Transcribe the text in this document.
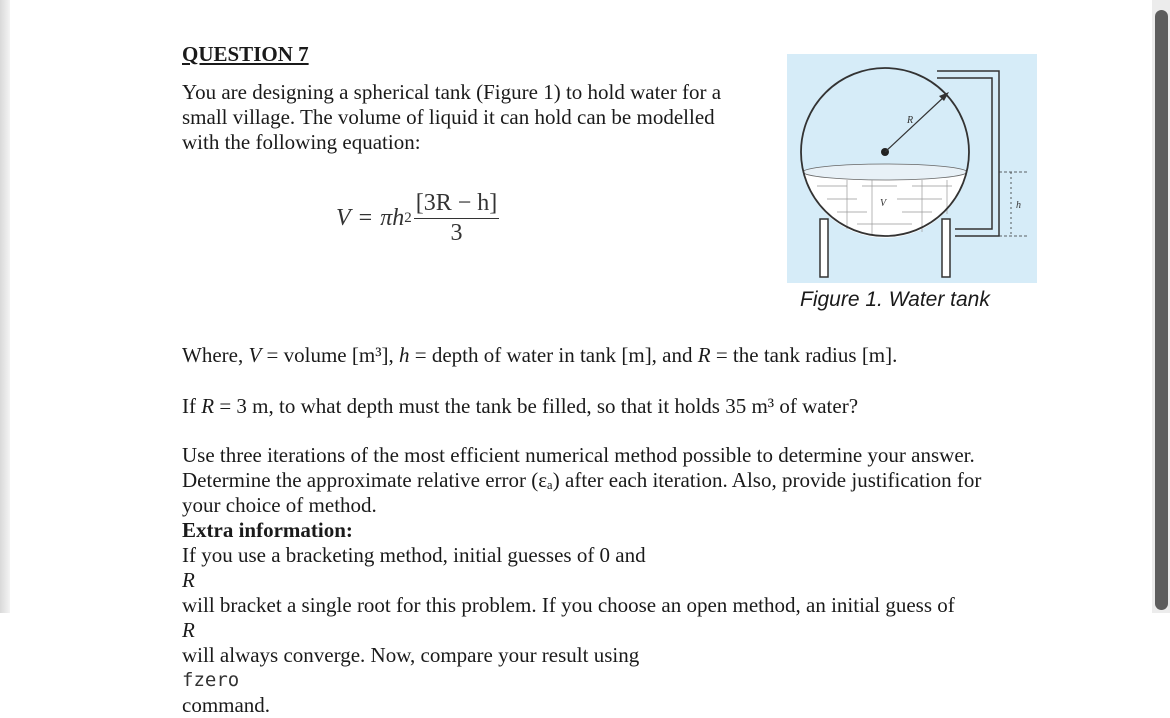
QUESTION 7
You are designing a spherical tank (Figure 1) to hold water for a
small village. The volume of liquid it can hold can be modelled
with the following equation:
V = πh $2 \frac{[3R - h]}{3}$
R
V	h
Figure 1. Water tank
Where, V = volume [m³], h = depth of water in tank [m], and R = the tank radius [m].
If R = 3 m, to what depth must the tank be filled, so that it holds 35 m³ of water?
Use three iterations of the most efficient numerical method possible to determine your answer.
Determine the approximate relative error (εₐ) after each iteration. Also, provide justification for
your choice of method.
Extra information:
If you use a bracketing method, initial guesses of 0 and
R
will bracket a single root for this problem. If you choose an open method, an initial guess of
R
will always converge. Now, compare your result using
fzero
command.
